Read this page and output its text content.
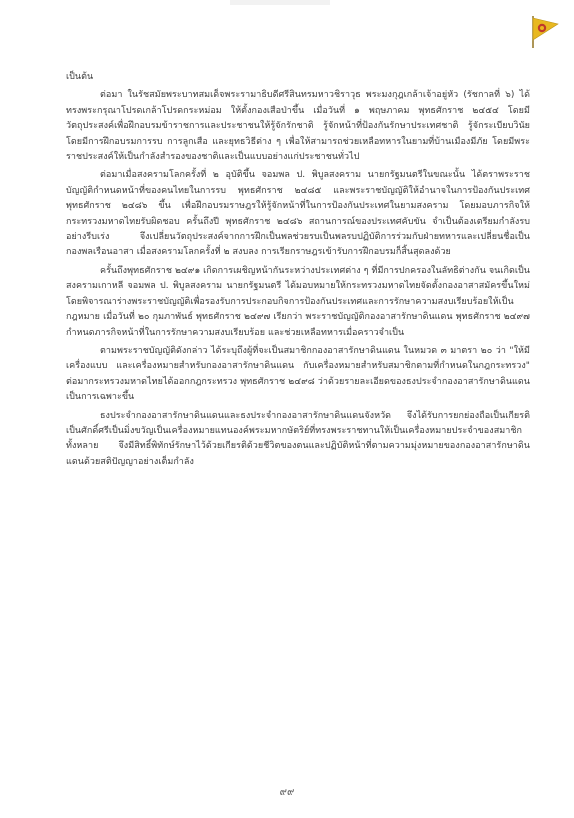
เป็นต้น

ต่อมา ในรัชสมัยพระบาทสมเด็จพระรามาธิบดีศรีสินทรมหาวชิราวุธ พระมงกุฎเกล้าเจ้าอยู่หัว (รัชกาลที่ ๖) ได้ทรงพระกรุณาโปรดเกล้าโปรดกระหม่อม ให้ตั้งกองเสือป่าขึ้น เมื่อวันที่ ๑ พฤษภาคม พุทธศักราช ๒๔๕๔ โดยมีวัตถุประสงค์เพื่อฝึกอบรมข้าราชการและประชาชนให้รู้จักรักชาติ รู้จักหน้าที่ป้องกันรักษาประเทศชาติ รู้จักระเบียบวินัย โดยมีการฝึกอบรมการรบ การลูกเสือ และยุทธวิธีต่าง ๆ เพื่อให้สามารถช่วยเหลือทหารในยามที่บ้านเมืองมีภัย โดยมีพระราชประสงค์ให้เป็นกำลังสำรองของชาติและเป็นแบบอย่างแก่ประชาชนทั่วไป

ต่อมาเมื่อสงครามโลกครั้งที่ ๒ อุบัติขึ้น จอมพล ป. พิบูลสงคราม นายกรัฐมนตรีในขณะนั้น ได้ตราพระราชบัญญัติกำหนดหน้าที่ของคนไทยในการรบ พุทธศักราช ๒๔๘๕ และพระราชบัญญัติให้อำนาจในการป้องกันประเทศ พุทธศักราช ๒๔๘๖ ขึ้น เพื่อฝึกอบรมราษฎรให้รู้จักหน้าที่ในการป้องกันประเทศในยามสงคราม โดยมอบภารกิจให้กระทรวงมหาดไทยรับผิดชอบ ครั้นถึงปี พุทธศักราช ๒๔๘๖ สถานการณ์ของประเทศคับขัน จำเป็นต้องเตรียมกำลังรบอย่างรีบเร่ง จึงเปลี่ยนวัตถุประสงค์จากการฝึกเป็นพลช่วยรบเป็นพลรบปฏิบัติการร่วมกับฝ่ายทหารและเปลี่ยนชื่อเป็น กองพลเรือนอาสา เมื่อสงครามโลกครั้งที่ ๒ สงบลง การเรียกราษฎรเข้ารับการฝึกอบรมก็สิ้นสุดลงด้วย

ครั้นถึงพุทธศักราช ๒๔๙๑ เกิดการเผชิญหน้ากันระหว่างประเทศต่าง ๆ ที่มีการปกครองในลัทธิต่างกัน จนเกิดเป็นสงครามเกาหลี จอมพล ป. พิบูลสงคราม นายกรัฐมนตรี ได้มอบหมายให้กระทรวงมหาดไทยจัดตั้งกองอาสาสมัครขึ้นใหม่ โดยพิจารณาร่างพระราชบัญญัติเพื่อรองรับการประกอบกิจการป้องกันประเทศและการรักษาความสงบเรียบร้อยให้เป็นกฎหมาย เมื่อวันที่ ๒๐ กุมภาพันธ์ พุทธศักราช ๒๔๙๗ เรียกว่า พระราชบัญญัติกองอาสารักษาดินแดน พุทธศักราช ๒๔๙๗ กำหนดภารกิจหน้าที่ในการรักษาความสงบเรียบร้อย และช่วยเหลือทหารเมื่อคราวจำเป็น

ตามพระราชบัญญัติดังกล่าว ได้ระบุถึงผู้ที่จะเป็นสมาชิกกองอาสารักษาดินแดน ในหมวด ๓ มาตรา ๒๐ ว่า "ให้มีเครื่องแบบ และเครื่องหมายสำหรับกองอาสารักษาดินแดน กับเครื่องหมายสำหรับสมาชิกตามที่กำหนดในกฎกระทรวง" ต่อมากระทรวงมหาดไทยได้ออกกฎกระทรวง พุทธศักราช ๒๔๙๘ ว่าด้วยรายละเอียดของธงประจำกองอาสารักษาดินแดนเป็นการเฉพาะขึ้น

ธงประจำกองอาสารักษาดินแดนและธงประจำกองอาสารักษาดินแดนจังหวัด จึงได้รับการยกย่องถือเป็นเกียรติเป็นศักดิ์ศรีเป็นมิ่งขวัญเป็นเครื่องหมายแทนองค์พระมหากษัตริย์ที่ทรงพระราชทานให้เป็นเครื่องหมายประจำของสมาชิกทั้งหลาย จึงมีสิทธิ์พิทักษ์รักษาไว้ด้วยเกียรติด้วยชีวิตของตนและปฏิบัติหน้าที่ตามความมุ่งหมายของกองอาสารักษาดินแดนด้วยสติปัญญาอย่างเต็มกำลัง

๙๙
